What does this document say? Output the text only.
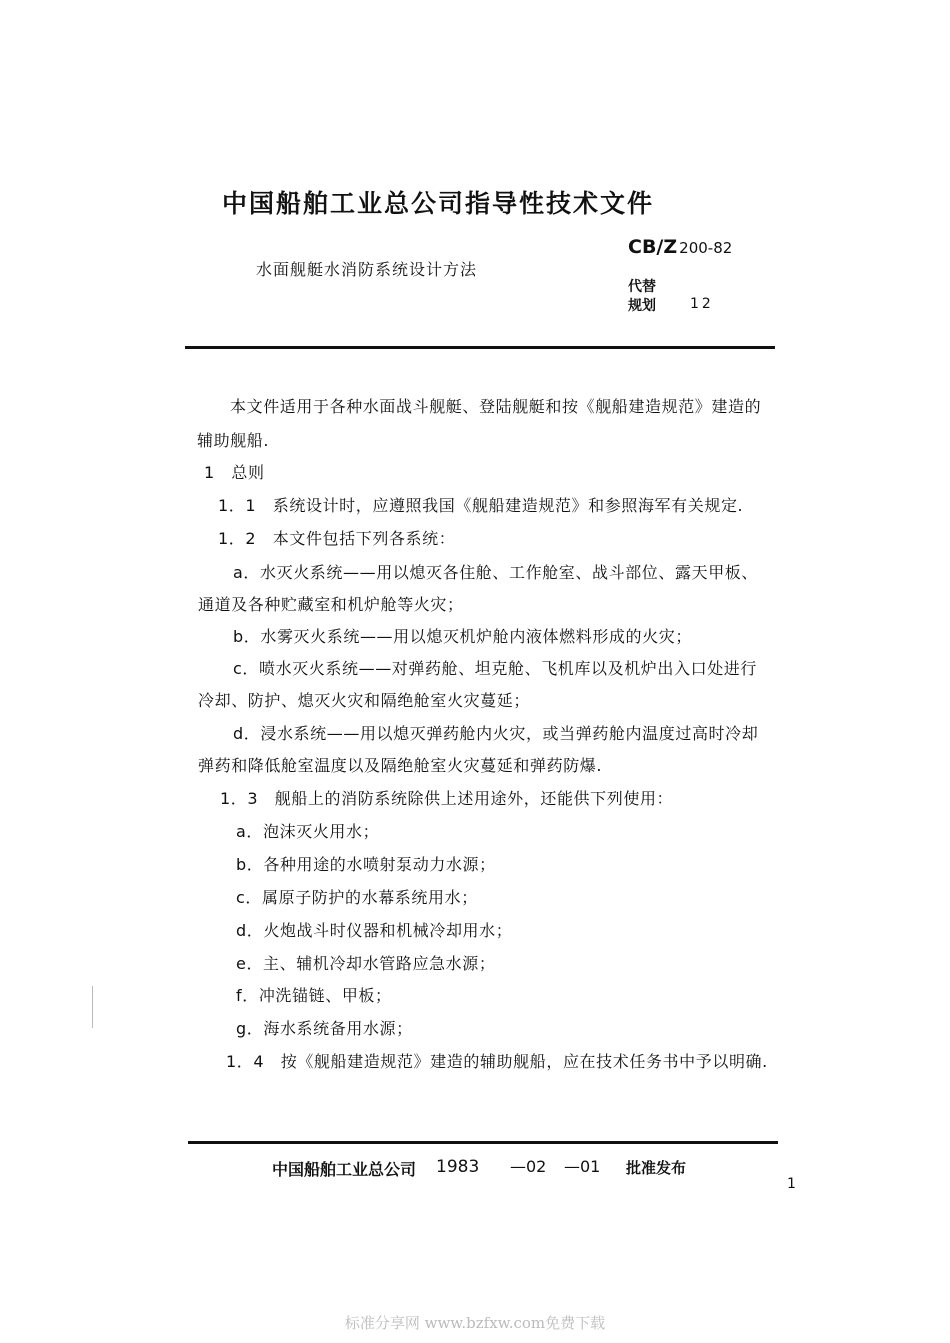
中国船舶工业总公司指导性技术文件
水面舰艇水消防系统设计方法
CB/Z 200-82
代替
规划 12
本文件适用于各种水面战斗舰艇、登陆舰艇和按《舰船建造规范》建造的
辅助舰船.
1　总则
1．1　系统设计时，应遵照我国《舰船建造规范》和参照海军有关规定.
1．2　本文件包括下列各系统：
a．水灭火系统——用以熄灭各住舱、工作舱室、战斗部位、露天甲板、
通道及各种贮藏室和机炉舱等火灾；
b．水雾灭火系统——用以熄灭机炉舱内液体燃料形成的火灾；
c．喷水灭火系统——对弹药舱、坦克舱、飞机库以及机炉出入口处进行
冷却、防护、熄灭火灾和隔绝舱室火灾蔓延；
d．浸水系统——用以熄灭弹药舱内火灾，或当弹药舱内温度过高时冷却
弹药和降低舱室温度以及隔绝舱室火灾蔓延和弹药防爆.
1．3　舰船上的消防系统除供上述用途外，还能供下列使用：
a．泡沫灭火用水；
b．各种用途的水喷射泵动力水源；
c．属原子防护的水幕系统用水；
d．火炮战斗时仪器和机械冷却用水；
e．主、辅机冷却水管路应急水源；
f．冲洗锚链、甲板；
g．海水系统备用水源；
1．4　按《舰船建造规范》建造的辅助舰船，应在技术任务书中予以明确.
中国船舶工业总公司 1983 —02 —01 批准发布
1
标准分享网 www.bzfxw.com免费下载
